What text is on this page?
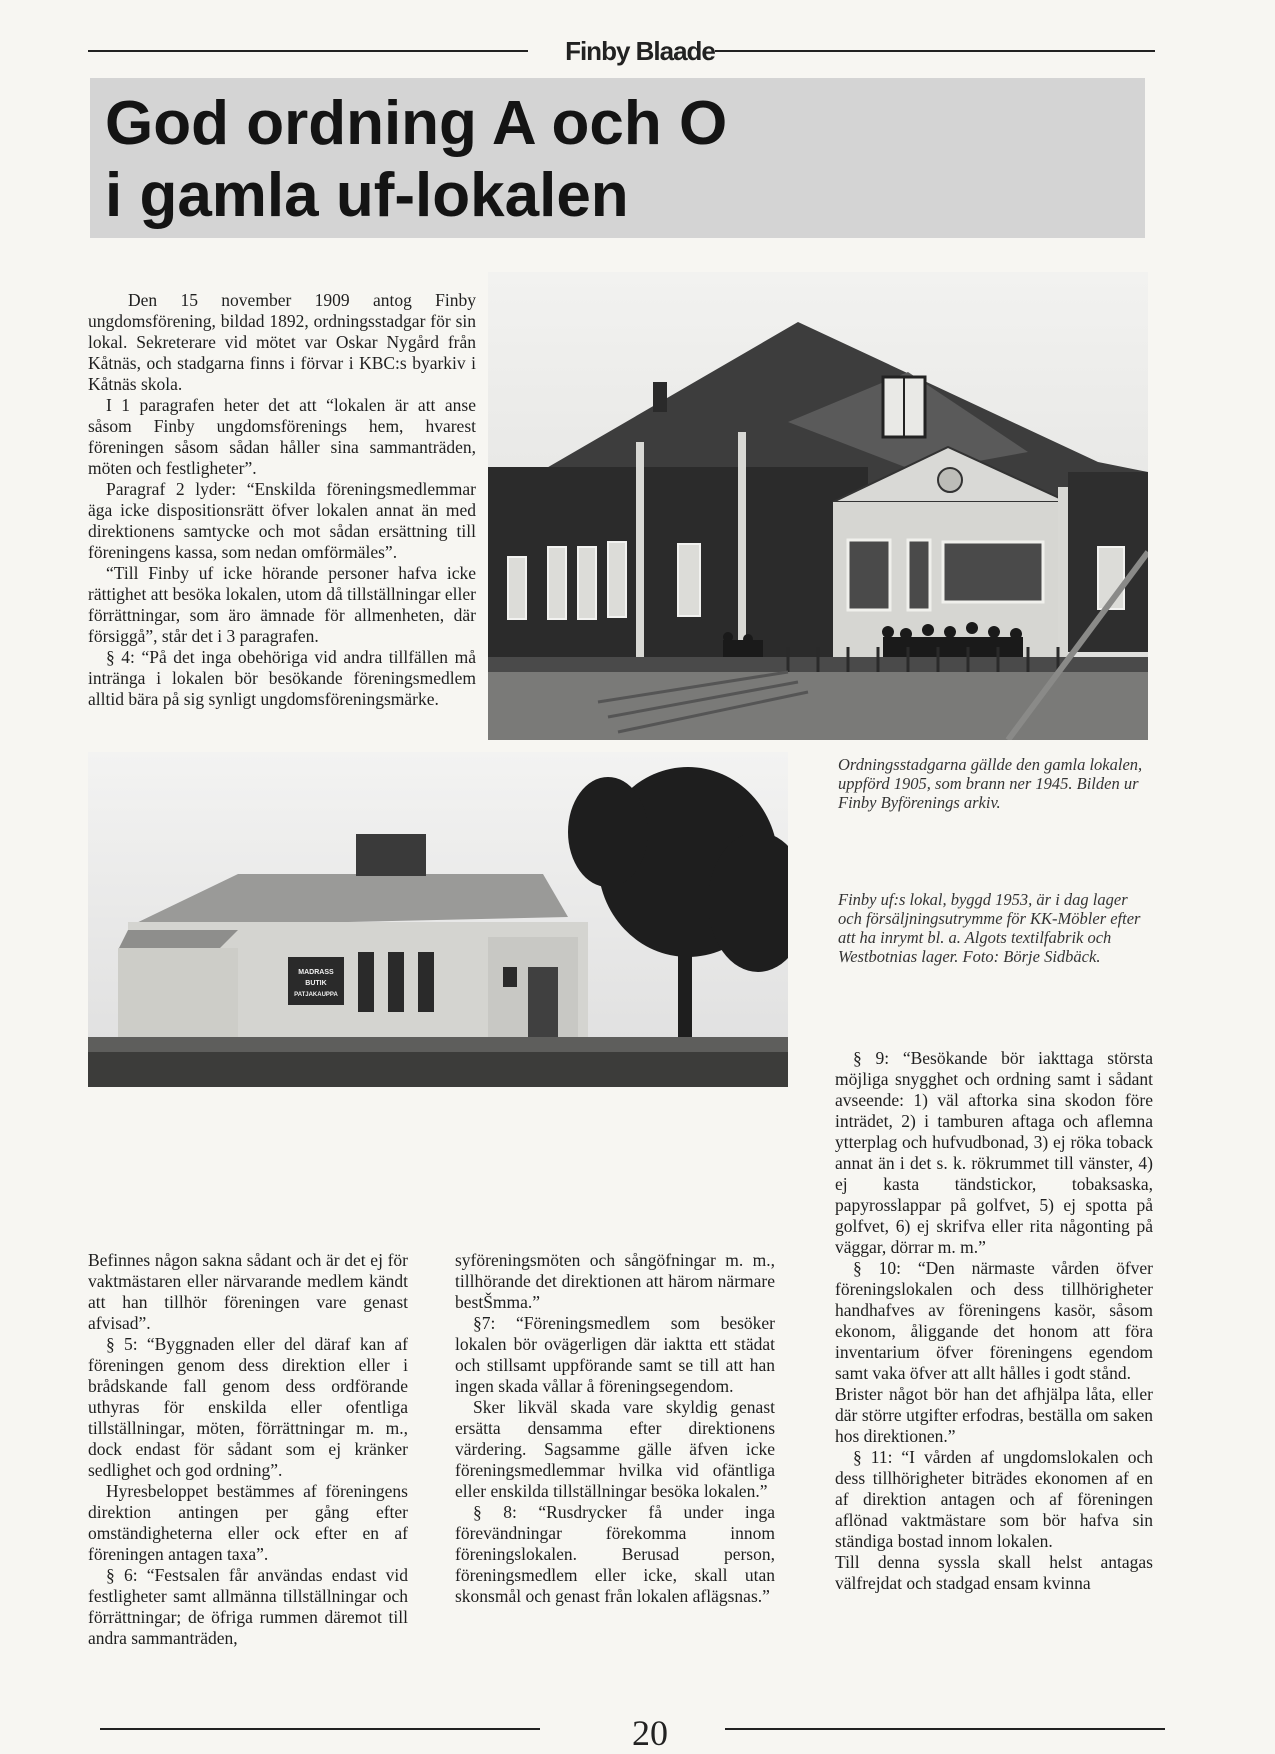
Finby Blaade
God ordning A och O
i gamla uf-lokalen

Den 15 november 1909 antog Finby ungdomsförening, bildad 1892, ordningsstadgar för sin lokal. Sekreterare vid mötet var Oskar Nygård från Kåtnäs, och stadgarna finns i förvar i KBC:s byarkiv i Kåtnäs skola.

I 1 paragrafen heter det att “lokalen är att anse såsom Finby ungdomsförenings hem, hvarest föreningen såsom sådan håller sina sammanträden, möten och festligheter”.

Paragraf 2 lyder: “Enskilda föreningsmedlemmar äga icke dispositionsrätt öfver lokalen annat än med direktionens samtycke och mot sådan ersättning till föreningens kassa, som nedan omförmäles”.

“Till Finby uf icke hörande personer hafva icke rättighet att besöka lokalen, utom då tillställningar eller förrättningar, som äro ämnade för allmenheten, där försiggå”, står det i 3 paragrafen.

§ 4: “På det inga obehöriga vid andra tillfällen må inträngа i lokalen bör besökande föreningsmedlem alltid bära på sig synligt ungdomsföreningsmärke.

Ordningsstadgarna gällde den gamla lokalen, uppförd 1905, som brann ner 1945. Bilden ur Finby Byförenings arkiv.
Finby uf:s lokal, byggd 1953, är i dag lager och försäljningsutrymme för KK-Möbler efter att ha inrymt bl. a. Algots textilfabrik och Westbotnias lager. Foto: Börje Sidbäck.
MADRASS
BUTIK
PATJAKAUPPA

Befinnes någon sakna sådant och är det ej för vaktmästaren eller närvarande medlem kändt att han tillhör föreningen vare genast afvisad”.

§ 5: “Byggnaden eller del däraf kan af föreningen genom dess direktion eller i brådskande fall genom dess ordförande uthyras för enskilda eller ofentliga tillställningar, möten, förrättningar m. m., dock endast för sådant som ej kränker sedlighet och god ordning”.

Hyresbeloppet bestämmes af föreningens direktion antingen per gång efter omständigheterna eller ock efter en af föreningen antagen taxa”.

§ 6: “Festsalen får användas endast vid festligheter samt allmänna tillställningar och förrättningar; de öfriga rummen däremot till andra sammanträden,

syföreningsmöten och sångöfningar m. m., tillhörande det direktionen att härom närmare bestŠmma.”

§7: “Föreningsmedlem som besöker lokalen bör ovägerligen där iaktta ett städat och stillsamt uppförande samt se till att han ingen skada vållar å föreningsegendom.

Sker likväl skada vare skyldig genast ersätta densamma efter direktionens värdering. Sagsamme gälle äfven icke föreningsmedlemmar hvilka vid ofäntliga eller enskilda tillställningar besöka lokalen.”

§ 8: “Rusdrycker få under inga förevändningar förekomma innom föreningslokalen. Berusad person, föreningsmedlem eller icke, skall utan skonsmål och genast från lokalen aflägsnas.”

§ 9: “Besökande bör iakttaga största möjliga snygghet och ordning samt i sådant avseende: 1) väl aftorka sina skodon före inträdet, 2) i tamburen aftaga och aflemna ytterplag och hufvudbonad, 3) ej röka toback annat än i det s. k. rökrummet till vänster, 4) ej kasta tändstickor, tobaksaska, papyrosslappar på golfvet, 5) ej spotta på golfvet, 6) ej skrifva eller rita någonting på väggar, dörrar m. m.”

§ 10: “Den närmaste vården öfver föreningslokalen och dess tillhörigheter handhafves av föreningens kasör, såsom ekonom, åliggande det honom att föra inventarium öfver föreningens egendom samt vaka öfver att allt hålles i godt stånd.

Brister något bör han det afhjälpa låta, eller där större utgifter erfodras, beställa om saken hos direktionen.”

§ 11: “I vården af ungdomslokalen och dess tillhörigheter biträdes ekonomen af en af direktion antagen och af föreningen aflönad vaktmästare som bör hafva sin ständiga bostad innom lokalen.

Till denna syssla skall helst antagas välfrejdat och stadgad ensam kvinna

20
